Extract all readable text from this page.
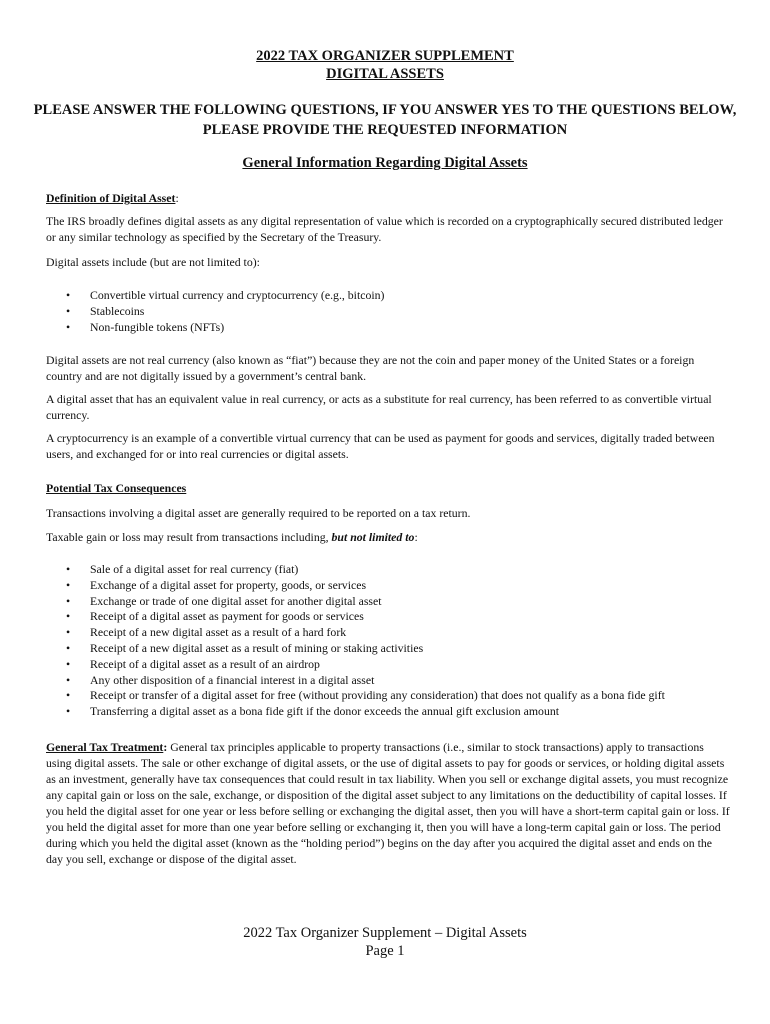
2022 TAX ORGANIZER SUPPLEMENT
DIGITAL ASSETS
PLEASE ANSWER THE FOLLOWING QUESTIONS, IF YOU ANSWER YES TO THE QUESTIONS BELOW, PLEASE PROVIDE THE REQUESTED INFORMATION
General Information Regarding Digital Assets
Definition of Digital Asset:
The IRS broadly defines digital assets as any digital representation of value which is recorded on a cryptographically secured distributed ledger or any similar technology as specified by the Secretary of the Treasury.
Digital assets include (but are not limited to):
• Convertible virtual currency and cryptocurrency (e.g., bitcoin)
• Stablecoins
• Non-fungible tokens (NFTs)
Digital assets are not real currency (also known as “fiat”) because they are not the coin and paper money of the United States or a foreign country and are not digitally issued by a government’s central bank.
A digital asset that has an equivalent value in real currency, or acts as a substitute for real currency, has been referred to as convertible virtual currency.
A cryptocurrency is an example of a convertible virtual currency that can be used as payment for goods and services, digitally traded between users, and exchanged for or into real currencies or digital assets.
Potential Tax Consequences
Transactions involving a digital asset are generally required to be reported on a tax return.
Taxable gain or loss may result from transactions including, but not limited to:
• Sale of a digital asset for real currency (fiat)
• Exchange of a digital asset for property, goods, or services
• Exchange or trade of one digital asset for another digital asset
• Receipt of a digital asset as payment for goods or services
• Receipt of a new digital asset as a result of a hard fork
• Receipt of a new digital asset as a result of mining or staking activities
• Receipt of a digital asset as a result of an airdrop
• Any other disposition of a financial interest in a digital asset
• Receipt or transfer of a digital asset for free (without providing any consideration) that does not qualify as a bona fide gift
• Transferring a digital asset as a bona fide gift if the donor exceeds the annual gift exclusion amount
General Tax Treatment: General tax principles applicable to property transactions (i.e., similar to stock transactions) apply to transactions using digital assets. The sale or other exchange of digital assets, or the use of digital assets to pay for goods or services, or holding digital assets as an investment, generally have tax consequences that could result in tax liability. When you sell or exchange digital assets, you must recognize any capital gain or loss on the sale, exchange, or disposition of the digital asset subject to any limitations on the deductibility of capital losses. If you held the digital asset for one year or less before selling or exchanging the digital asset, then you will have a short-term capital gain or loss. If you held the digital asset for more than one year before selling or exchanging it, then you will have a long-term capital gain or loss. The period during which you held the digital asset (known as the “holding period”) begins on the day after you acquired the digital asset and ends on the day you sell, exchange or dispose of the digital asset.
2022 Tax Organizer Supplement – Digital Assets
Page 1
